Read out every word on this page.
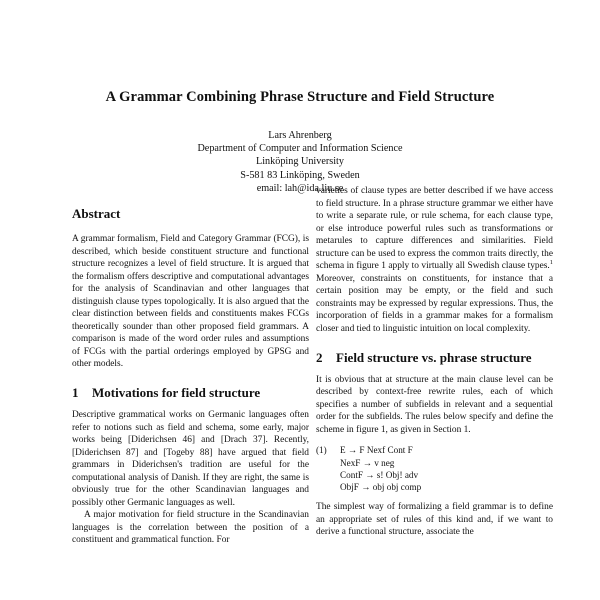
A Grammar Combining Phrase Structure and Field Structure
Lars Ahrenberg
Department of Computer and Information Science
Linköping University
S-581 83 Linköping, Sweden
email: lah@ida.liu.se
Abstract

A grammar formalism, Field and Category Grammar (FCG), is described, which beside constituent structure and functional structure recognizes a level of field structure. It is argued that the formalism offers descriptive and computational advantages for the analysis of Scandinavian and other languages that distinguish clause types topologically. It is also argued that the clear distinction between fields and constituents makes FCGs theoretically sounder than other proposed field grammars. A comparison is made of the word order rules and assumptions of FCGs with the partial orderings employed by GPSG and other models.

1	Motivations for field structure

Descriptive grammatical works on Germanic languages often refer to notions such as field and schema, some early, major works being [Diderichsen 46] and [Drach 37]. Recently, [Diderichsen 87] and [Togeby 88] have argued that field grammars in Diderichsen's tradition are useful for the computational analysis of Danish. If they are right, the same is obviously true for the other Scandinavian languages and possibly other Germanic languages as well.

A major motivation for field structure in the Scandinavian languages is the correlation between the position of a constituent and grammatical function. For

varieties of clause types are better described if we have access to field structure. In a phrase structure grammar we either have to write a separate rule, or rule schema, for each clause type, or else introduce powerful rules such as transformations or metarules to capture differences and similarities. Field structure can be used to express the common traits directly, the schema in figure 1 apply to virtually all Swedish clause types.$^1$ Moreover, constraints on constituents, for instance that a certain position may be empty, or the field and such constraints may be expressed by regular expressions. Thus, the incorporation of fields in a grammar makes for a formalism closer and tied to linguistic intuition on local complexity.

2	Field structure vs. phrase structure

It is obvious that at structure at the main clause level can be described by context-free rewrite rules, each of which specifies a number of subfields in relevant and a sequential order for the subfields. The rules below specify and define the scheme in figure 1, as given in Section 1.

(1)	E → F Nexf Cont F
NexF
→ v neg
ContF
→ s! Obj! adv
ObjF
→ obj obj comp

The simplest way of formalizing a field grammar is to define an appropriate set of rules of this kind and, if we want to derive a functional structure, associate the
